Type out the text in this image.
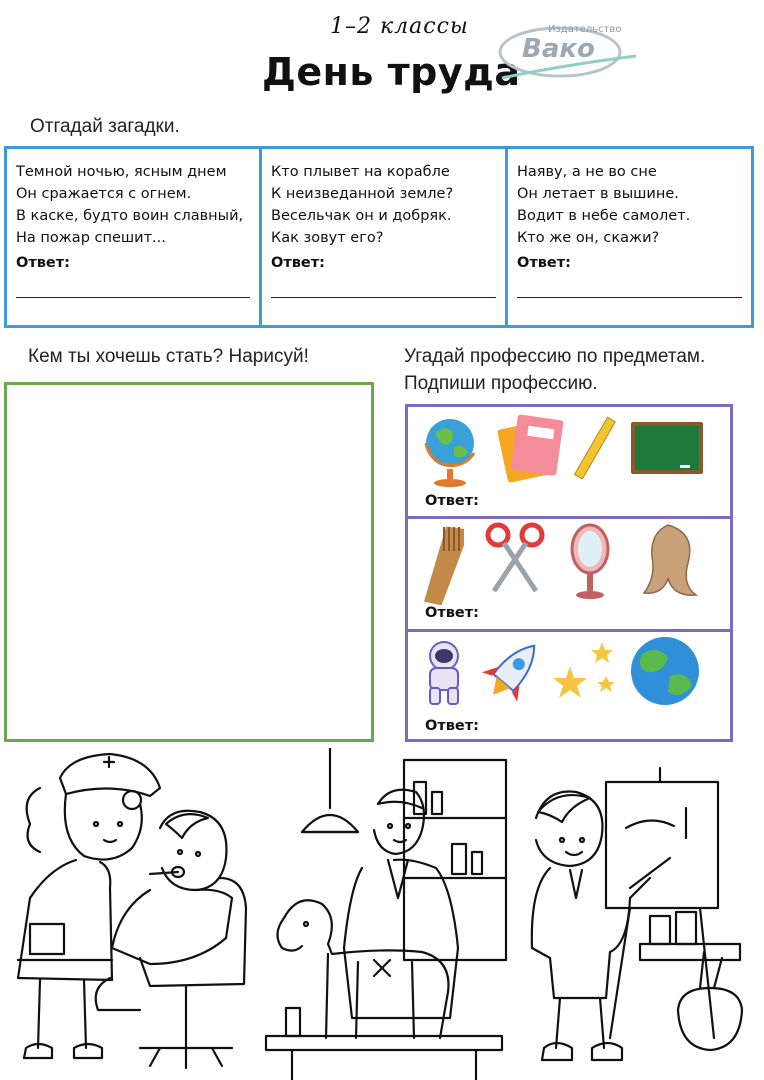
1–2 классы
День труда
Издательство
Вако
Отгадай загадки.
Темной ночью, ясным днем
Он сражается с огнем.
В каске, будто воин славный,
На пожар спешит...
Ответ:
Кто плывет на корабле
К неизведанной земле?
Весельчак он и добряк.
Как зовут его?
Ответ:
Наяву, а не во сне
Он летает в вышине.
Водит в небе самолет.
Кто же он, скажи?
Ответ:
Кем ты хочешь стать? Нарисуй!	Угадай профессию по предметам.
Подпиши профессию.
Ответ:
Ответ:
Ответ:
